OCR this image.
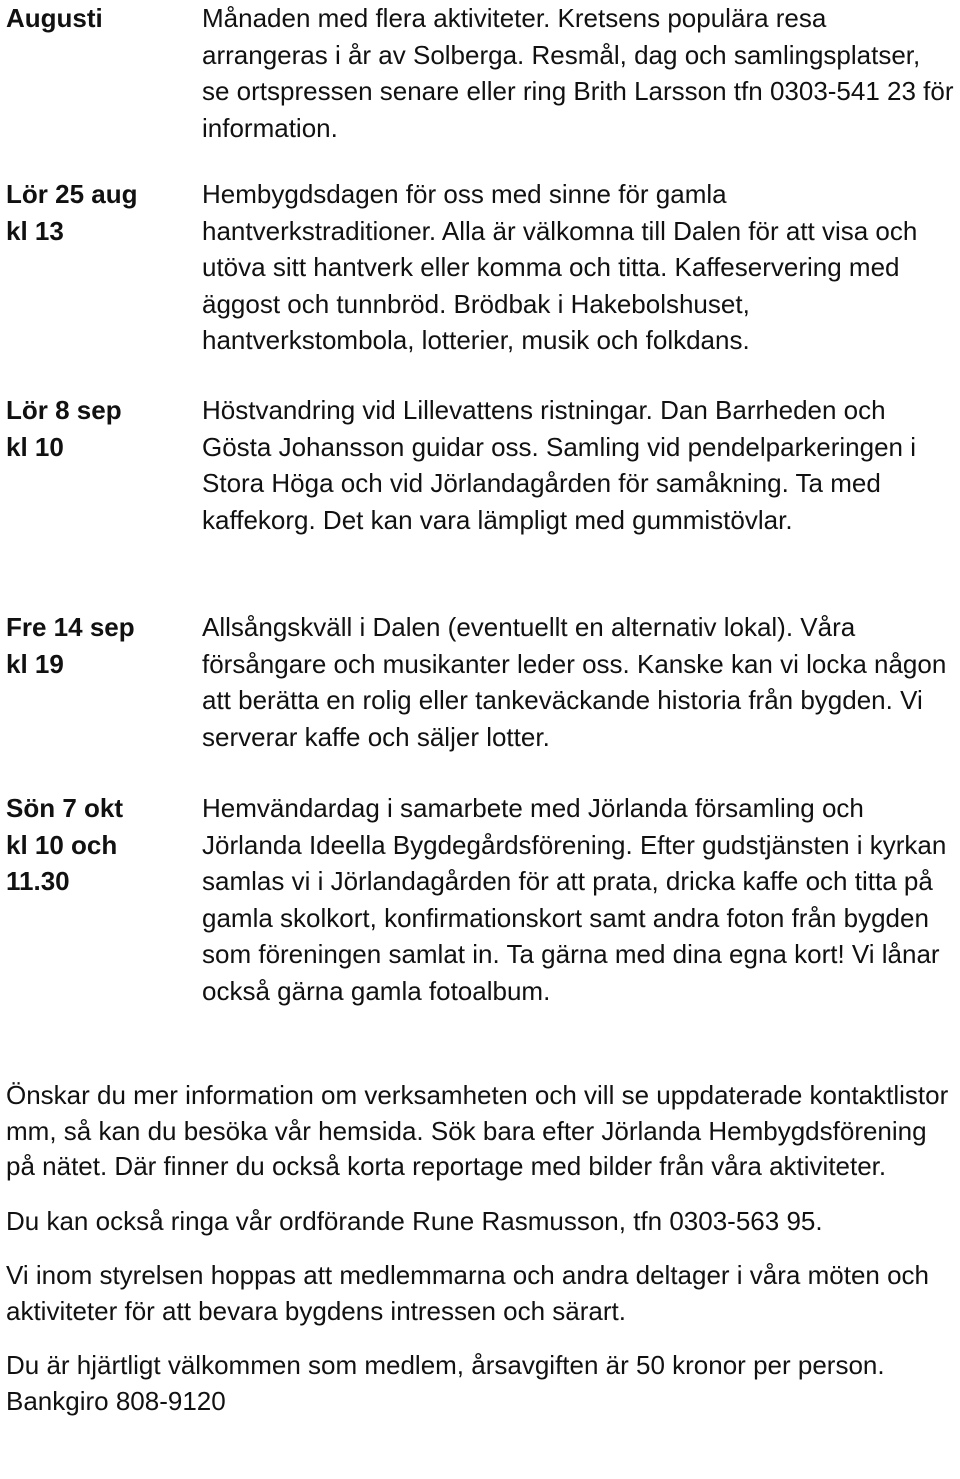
Augusti	Månaden med flera aktiviteter. Kretsens populära resa arrangeras i år av Solberga. Resmål, dag och samlingsplatser, se ortspressen senare eller ring Brith Larsson tfn 0303-541 23 för information.
Lör 25 aug
kl 13
Hembygdsdagen för oss med sinne för gamla hantverkstraditioner. Alla är välkomna till Dalen för att visa och utöva sitt hantverk eller komma och titta. Kaffeservering med äggost och tunnbröd. Brödbak i Hakebolshuset, hantverkstombola, lotterier, musik och folkdans.
Lör 8 sep
kl 10
Höstvandring vid Lillevattens ristningar. Dan Barrheden och Gösta Johansson guidar oss. Samling vid pendelparkeringen i Stora Höga och vid Jörlandagården för samåkning. Ta med kaffekorg. Det kan vara lämpligt med gummistövlar.
Fre 14 sep
kl 19
Allsångskväll i Dalen (eventuellt en alternativ lokal). Våra försångare och musikanter leder oss. Kanske kan vi locka någon att berätta en rolig eller tankeväckande historia från bygden. Vi serverar kaffe och säljer lotter.
Sön 7 okt
kl 10 och
11.30
Hemvändardag i samarbete med Jörlanda församling och Jörlanda Ideella Bygdegårdsförening. Efter gudstjänsten i kyrkan samlas vi i Jörlandagården för att prata, dricka kaffe och titta på gamla skolkort, konfirmationskort samt andra foton från bygden som föreningen samlat in. Ta gärna med dina egna kort! Vi lånar också gärna gamla fotoalbum.

Önskar du mer information om verksamheten och vill se uppdaterade kontaktlistor mm, så kan du besöka vår hemsida. Sök bara efter Jörlanda Hembygdsförening på nätet. Där finner du också korta reportage med bilder från våra aktiviteter.

Du kan också ringa vår ordförande Rune Rasmusson, tfn 0303-563 95.

Vi inom styrelsen hoppas att medlemmarna och andra deltager i våra möten och aktiviteter för att bevara bygdens intressen och särart.

Du är hjärtligt välkommen som medlem, årsavgiften är 50 kronor per person. Bankgiro 808-9120
